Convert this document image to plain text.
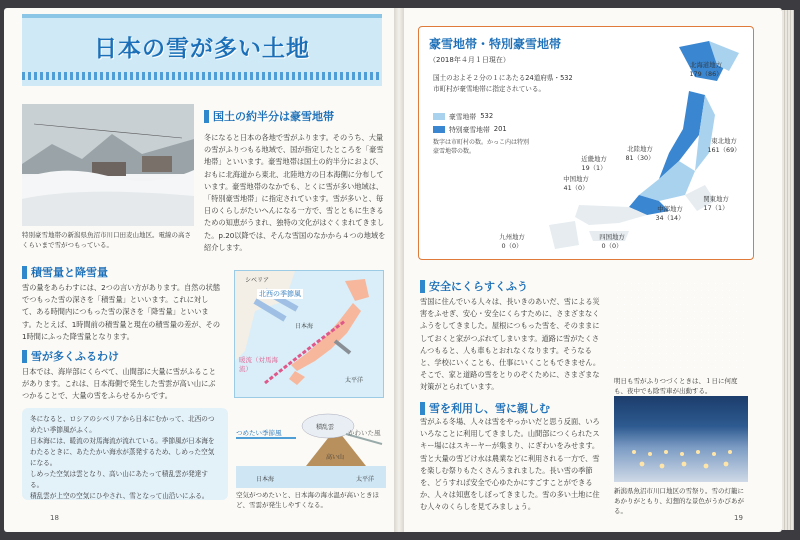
日本の雪が多い土地
特別豪雪地帯の新潟県魚沼市川口田麦山地区。電線の高さくらいまで雪がつもっている。
国土の約半分は豪雪地帯
冬になると日本の各地で雪がふります。そのうち、大量の雪がふりつもる地域で、国が指定したところを「豪雪地帯」といいます。豪雪地帯は国土の約半分におよび、おもに北海道から東北、北陸地方の日本海側に分布しています。豪雪地帯のなかでも、とくに雪が多い地域は、「特別豪雪地帯」に指定されています。雪が多いと、毎日のくらしがたいへんになる一方で、雪とともに生きるための知恵がうまれ、独特の文化がはぐくまれてきました。p.20以降では、そんな雪国のなかから４つの地域を紹介します。
積雪量と降雪量
雪の量をあらわすには、2つの言い方があります。自然の状態でつもった雪の深さを「積雪量」といいます。これに対して、ある時間内につもった雪の深さを「降雪量」といいます。たとえば、1時間前の積雪量と現在の積雪量の差が、その1時間にふった降雪量となります。
雪が多くふるわけ
日本では、海岸部にくらべて、山間部に大量に雪がふることがあります。これは、日本海側で発生した雪雲が高い山にぶつかることで、大量の雪をふらせるからです。
シベリア
北西の季節風
日本海
暖流（対馬海流）
太平洋

冬になると、ロシアのシベリアから日本にむかって、北西のつめたい季節風がふく。

日本海には、暖流の対馬海流が流れている。季節風が日本海をわたるときに、あたたかい海水が蒸発するため、しめった空気になる。

しめった空気は雲となり、高い山にあたって積乱雲が発達する。

積乱雲が上空の空気にひやされ、雪となって山沿いにふる。

つめたい季節風
積乱雲
かわいた風
高い山
日本海	太平洋
空気がつめたいと、日本海の海水温が高いときほど、雪雲が発生しやすくなる。
18
豪雪地帯・特別豪雪地帯
（2018年４月１日現在）
国土のおよそ２分の１にあたる24道府県・532市町村が豪雪地帯に指定されている。
豪雪地帯 532
特別豪雪地帯 201
数字は市町村の数。かっこ内は特別豪雪地帯の数。
北海道地方
179（86）
東北地方
161（69）
北陸地方
81（30）
近畿地方
19（1）
中国地方
41（0）
関東地方
17（1）
中部地方
34（14）
四国地方
0（0）
九州地方
0（0）
安全にくらすくふう
雪国に住んでいる人々は、長いきのあいだ、雪による災害をふせぎ、安心・安全にくらすために、さまざまなくふうをしてきました。屋根につもった雪を、そのままにしておくと家がつぶれてしまいます。道路に雪がたくさんつもると、人も車もとおれなくなります。そうなると、学校にいくことも、仕事にいくこともできません。そこで、家と道路の雪をとりのぞくために、さまざまな対策がとられています。
明日も雪がふりつづくときは、１日に何度も、夜中でも除雪車が出動する。
雪を利用し、雪に親しむ
雪がふる冬場、人々は雪をやっかいだと思う反面、いろいろなことに利用してきました。山間部につくられたスキー場にはスキーヤーが集まり、にぎわいをみせます。雪と大量の雪どけ水は農業などに利用される一方で、雪を楽しむ祭りもたくさんうまれました。長い雪の季節を、どうすれば安全で心ゆたかにすごすことができるか、人々は知恵をしぼってきました。雪の多い土地に住む人々のくらしを見てみましょう。
新潟県魚沼市川口地区の雪祭り。雪の灯籠にあかりがともり、幻想的な景色がうかびあがる。
19
